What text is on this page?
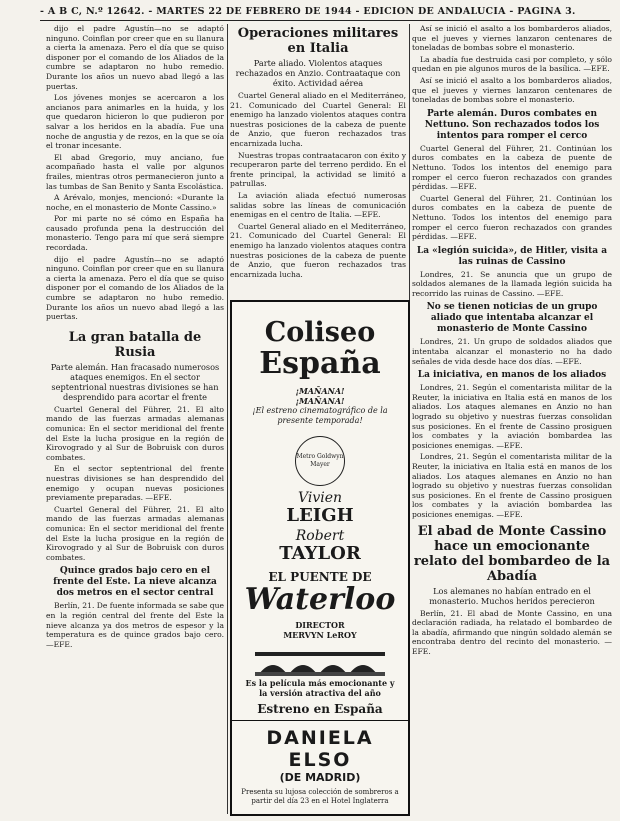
- A B C, N.º 12642. - MARTES 22 DE FEBRERO DE 1944 - EDICION DE ANDALUCIA - PAGINA 3.

dijo el padre Agustín—no se adaptó ninguno. Coinflan por creer que en su llanura a cierta la amenaza. Pero el día que se quiso disponer por el comando de los Aliados de la cumbre se adaptaron no hubo remedio. Durante los años un nuevo abad llegó a las puertas.

Los jóvenes monjes se acercaron a los ancianos para animarles en la huida, y los que quedaron hicieron lo que pudieron por salvar a los heridos en la abadía. Fue una noche de angustia y de rezos, en la que se oía el tronar incesante.

El abad Gregorio, muy anciano, fue acompañado hasta el valle por algunos frailes, mientras otros permanecieron junto a las tumbas de San Benito y Santa Escolástica.

A Arévalo, monjes, mencionó: «Durante la noche, en el monasterio de Monte Cassino.»

Por mi parte no sé cómo en España ha causado profunda pena la destrucción del monasterio. Tengo para mí que será siempre recordada.

dijo el padre Agustín—no se adaptó ninguno. Coinflan por creer que en su llanura a cierta la amenaza. Pero el día que se quiso disponer por el comando de los Aliados de la cumbre se adaptaron no hubo remedio. Durante los años un nuevo abad llegó a las puertas.

La gran batalla de Rusia

Parte alemán. Han fracasado numerosos ataques enemigos. En el sector septentrional nuestras divisiones se han desprendido para acortar el frente

Cuartel General del Führer, 21. El alto mando de las fuerzas armadas alemanas comunica: En el sector meridional del frente del Este la lucha prosigue en la región de Kirovogrado y al Sur de Bobruisk con duros combates.

En el sector septentrional del frente nuestras divisiones se han desprendido del enemigo y ocupan nuevas posiciones previamente preparadas. —EFE.

Cuartel General del Führer, 21. El alto mando de las fuerzas armadas alemanas comunica: En el sector meridional del frente del Este la lucha prosigue en la región de Kirovogrado y al Sur de Bobruisk con duros combates.

Quince grados bajo cero en el frente del Este. La nieve alcanza dos metros en el sector central

Berlín, 21. De fuente informada se sabe que en la región central del frente del Este la nieve alcanza ya dos metros de espesor y la temperatura es de quince grados bajo cero. —EFE.

Operaciones militares en Italia

Parte aliado. Violentos ataques rechazados en Anzio. Contraataque con éxito. Actividad aérea

Cuartel General aliado en el Mediterráneo, 21. Comunicado del Cuartel General: El enemigo ha lanzado violentos ataques contra nuestras posiciones de la cabeza de puente de Anzio, que fueron rechazados tras encarnizada lucha.

Nuestras tropas contraatacaron con éxito y recuperaron parte del terreno perdido. En el frente principal, la actividad se limitó a patrullas.

La aviación aliada efectuó numerosas salidas sobre las líneas de comunicación enemigas en el centro de Italia. —EFE.

Cuartel General aliado en el Mediterráneo, 21. Comunicado del Cuartel General: El enemigo ha lanzado violentos ataques contra nuestras posiciones de la cabeza de puente de Anzio, que fueron rechazados tras encarnizada lucha.

Coliseo
España
¡MAÑANA!
¡MAÑANA!
¡El estreno cinematográfico de la
presente temporada!
Metro Goldwyn Mayer
Vivien
LEIGH
Robert
TAYLOR
EL PUENTE DE
Waterloo
DIRECTOR
MERVYN LeROY
Es la película más emocionante y
la versión atractiva del año
Estreno en España
DANIELA ELSO
(DE MADRID)
Presenta su lujosa colección de sombreros a partir del día 23 en el Hotel Inglaterra

Así se inició el asalto a los bombarderos aliados, que el jueves y viernes lanzaron centenares de toneladas de bombas sobre el monasterio.

La abadía fue destruida casi por completo, y sólo quedan en pie algunos muros de la basílica. —EFE.

Así se inició el asalto a los bombarderos aliados, que el jueves y viernes lanzaron centenares de toneladas de bombas sobre el monasterio.

Parte alemán. Duros combates en Nettuno. Son rechazados todos los intentos para romper el cerco

Cuartel General del Führer, 21. Continúan los duros combates en la cabeza de puente de Nettuno. Todos los intentos del enemigo para romper el cerco fueron rechazados con grandes pérdidas. —EFE.

Cuartel General del Führer, 21. Continúan los duros combates en la cabeza de puente de Nettuno. Todos los intentos del enemigo para romper el cerco fueron rechazados con grandes pérdidas. —EFE.

La «legión suicida», de Hitler, visita a las ruinas de Cassino

Londres, 21. Se anuncia que un grupo de soldados alemanes de la llamada legión suicida ha recorrido las ruinas de Cassino. —EFE.

No se tienen noticias de un grupo aliado que intentaba alcanzar el monasterio de Monte Cassino

Londres, 21. Un grupo de soldados aliados que intentaba alcanzar el monasterio no ha dado señales de vida desde hace dos días. —EFE.

La iniciativa, en manos de los aliados

Londres, 21. Según el comentarista militar de la Reuter, la iniciativa en Italia está en manos de los aliados. Los ataques alemanes en Anzio no han logrado su objetivo y nuestras fuerzas consolidan sus posiciones. En el frente de Cassino prosiguen los combates y la aviación bombardea las posiciones enemigas. —EFE.

Londres, 21. Según el comentarista militar de la Reuter, la iniciativa en Italia está en manos de los aliados. Los ataques alemanes en Anzio no han logrado su objetivo y nuestras fuerzas consolidan sus posiciones. En el frente de Cassino prosiguen los combates y la aviación bombardea las posiciones enemigas. —EFE.

El abad de Monte Cassino hace un emocionante relato del bombardeo de la Abadía

Los alemanes no habían entrado en el monasterio. Muchos heridos perecieron

Berlín, 21. El abad de Monte Cassino, en una declaración radiada, ha relatado el bombardeo de la abadía, afirmando que ningún soldado alemán se encontraba dentro del recinto del monasterio. —EFE.
